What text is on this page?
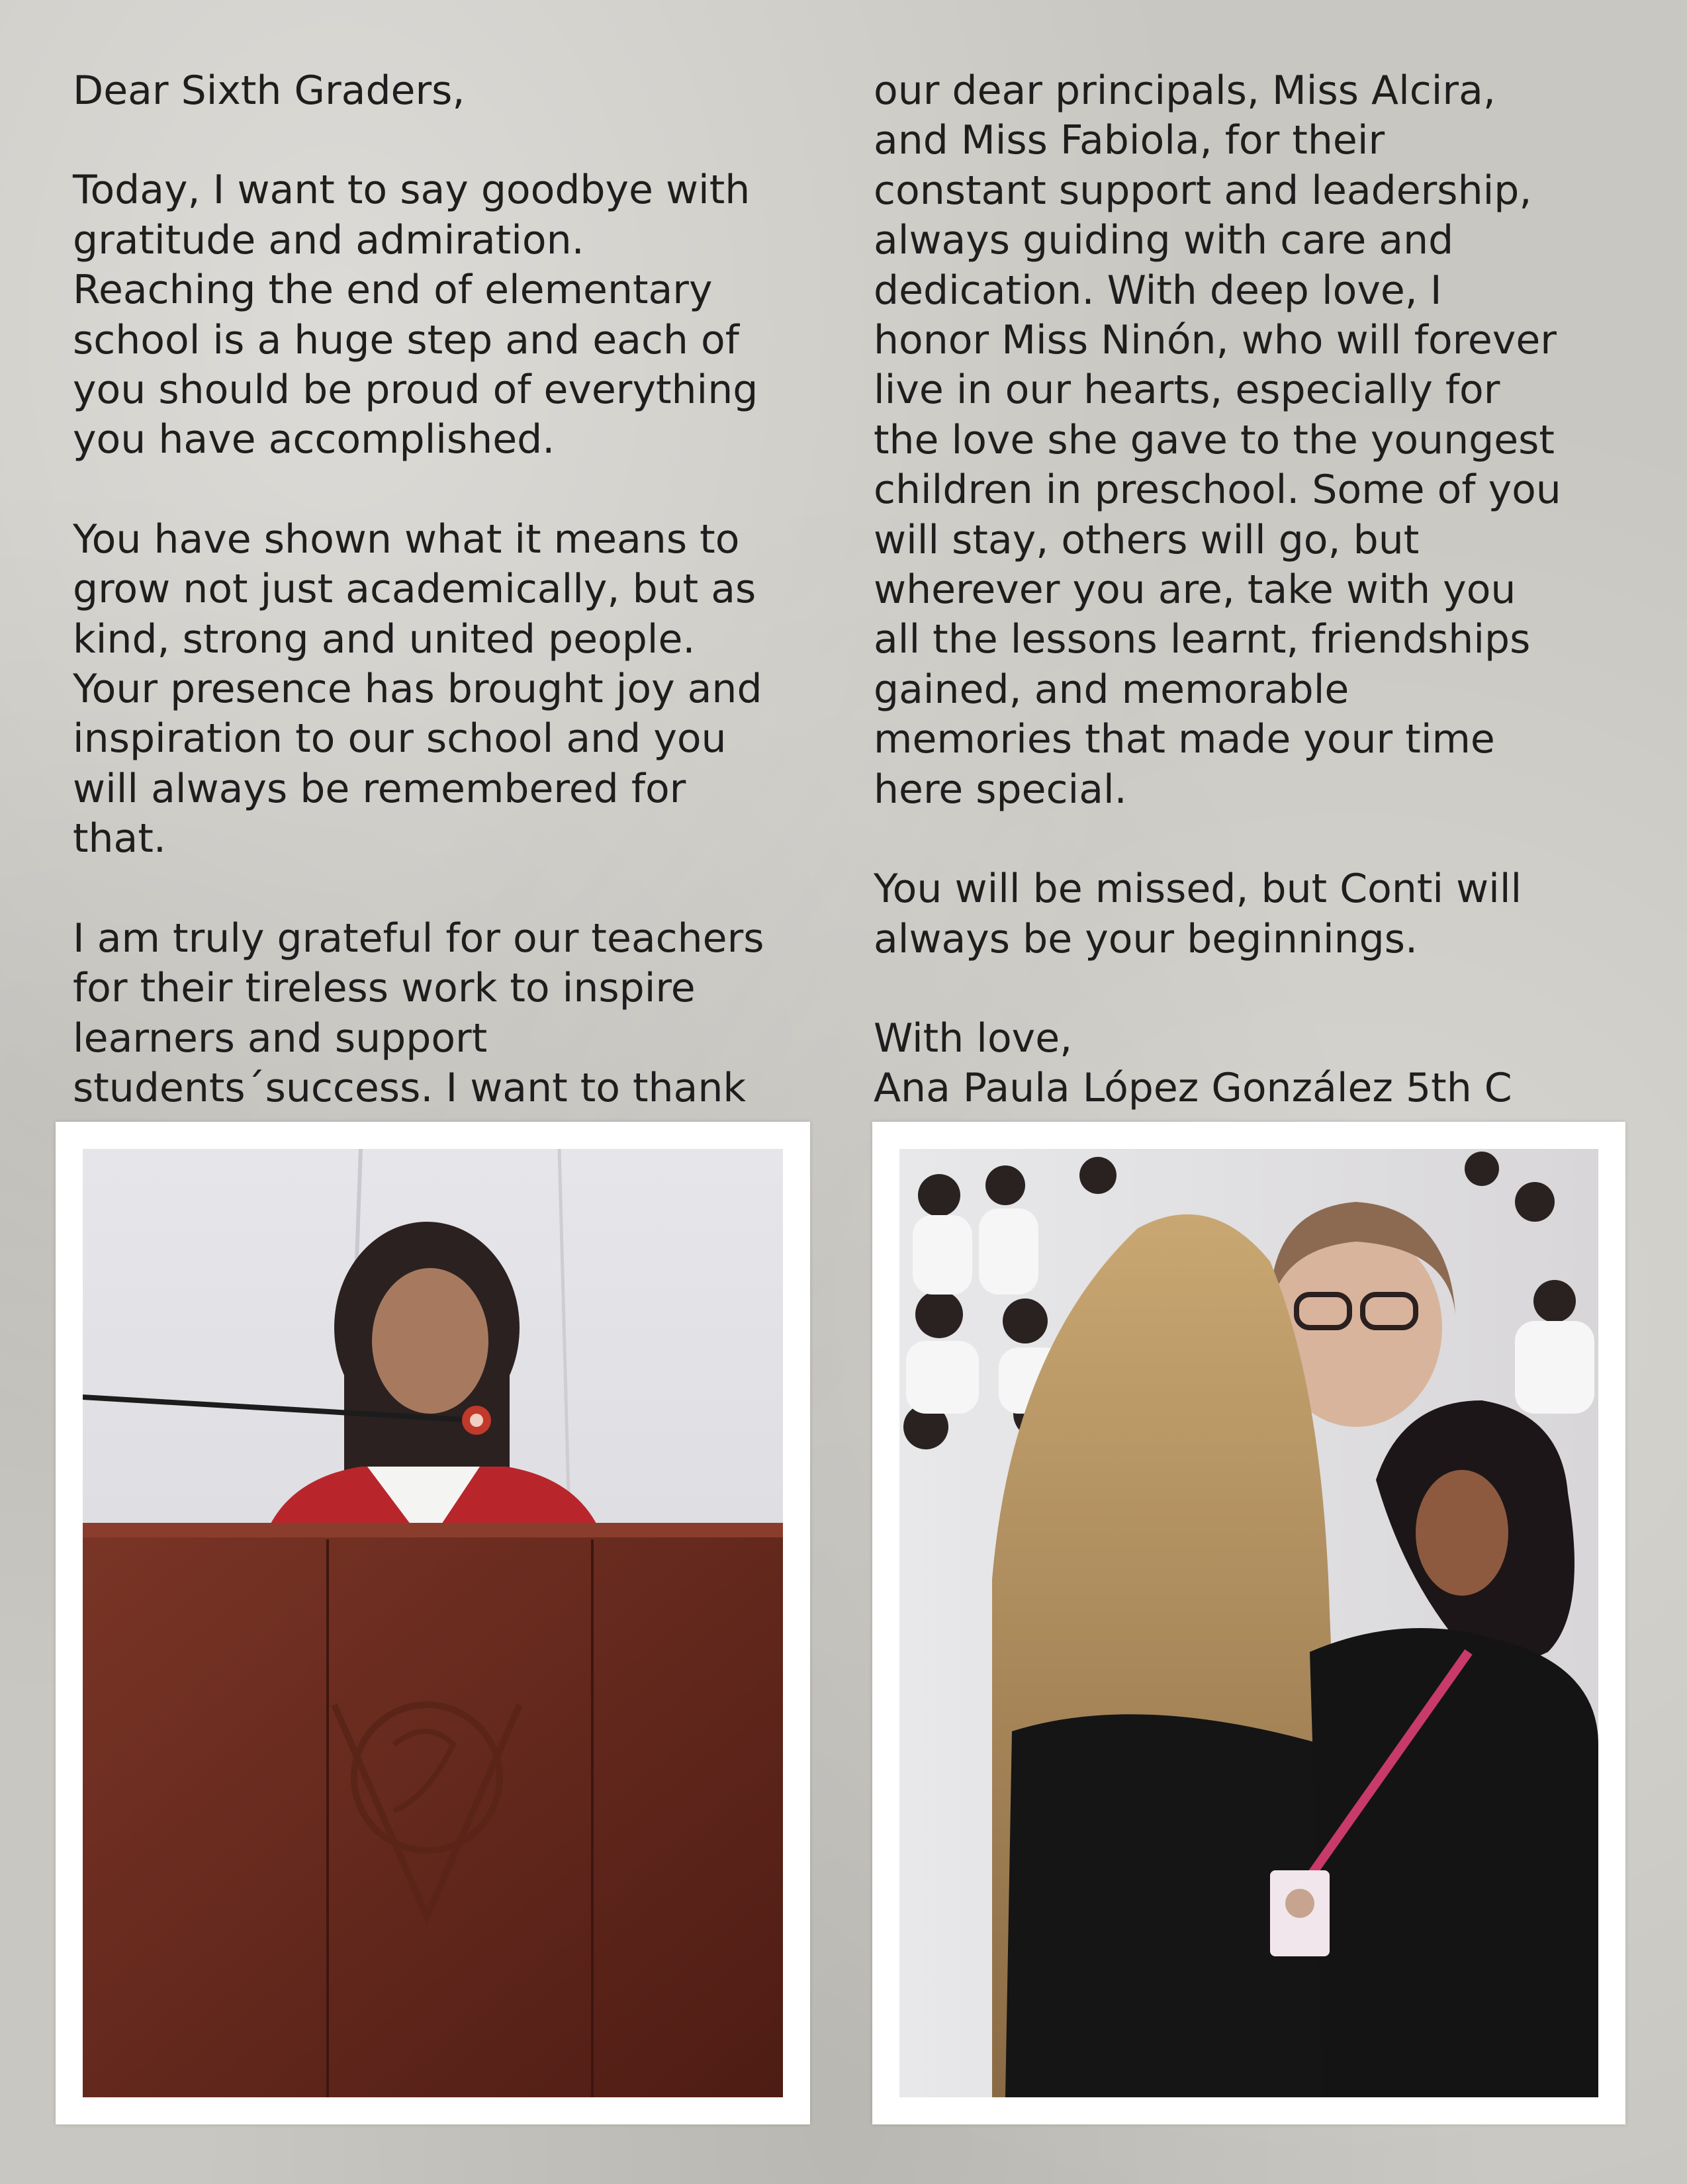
Dear Sixth Graders,

Today, I want to say goodbye with
gratitude and admiration.
Reaching the end of elementary
school is a huge step and each of
you should be proud of everything
you have accomplished.

You have shown what it means to
grow not just academically, but as
kind, strong and united people.
Your presence has brought joy and
inspiration to our school and you
will always be remembered for
that.

I am truly grateful for our teachers
for their tireless work to inspire
learners and support
students´success. I want to thank

our dear principals, Miss Alcira,
and Miss Fabiola, for their
constant support and leadership,
always guiding with care and
dedication. With deep love, I
honor Miss Ninón, who will forever
live in our hearts, especially for
the love she gave to the youngest
children in preschool. Some of you
will stay, others will go, but
wherever you are, take with you
all the lessons learnt, friendships
gained, and memorable
memories that made your time
here special.

You will be missed, but Conti will
always be your beginnings.

With love,
Ana Paula López González 5th C
